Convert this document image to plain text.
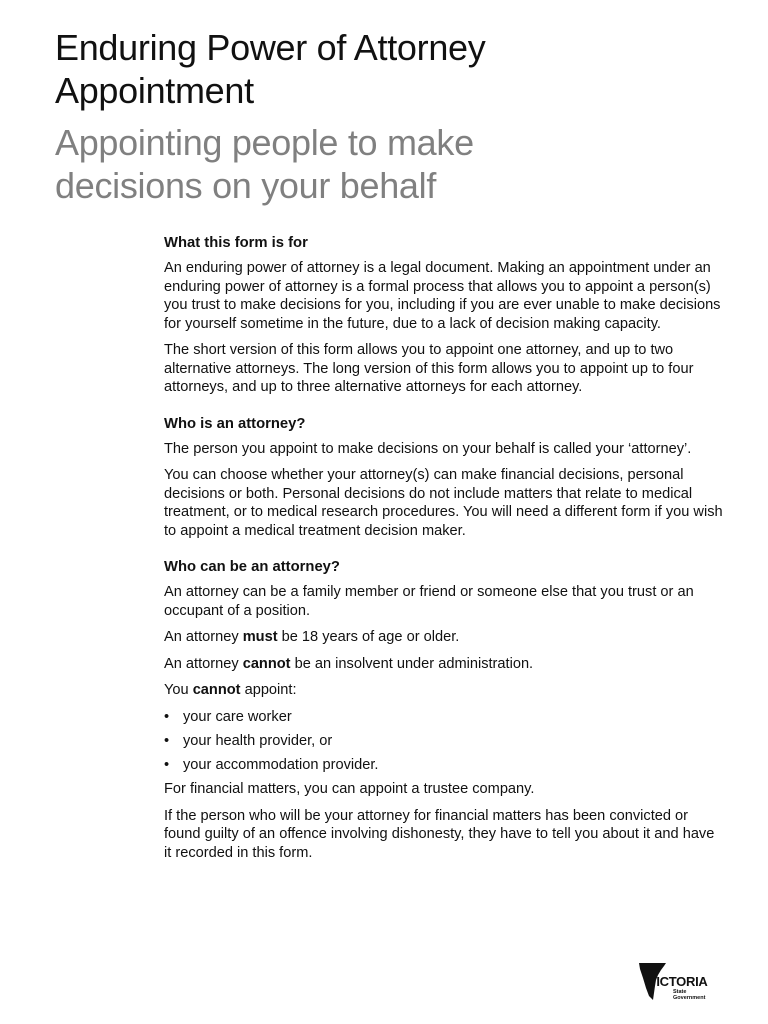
Enduring Power of Attorney
Appointment
Appointing people to make
decisions on your behalf
What this form is for

An enduring power of attorney is a legal document. Making an appointment under an enduring power of attorney is a formal process that allows you to appoint a person(s) you trust to make decisions for you, including if you are ever unable to make decisions for yourself sometime in the future, due to a lack of decision making capacity.

The short version of this form allows you to appoint one attorney, and up to two alternative attorneys. The long version of this form allows you to appoint up to four attorneys, and up to three alternative attorneys for each attorney.

Who is an attorney?

The person you appoint to make decisions on your behalf is called your ‘attorney’.

You can choose whether your attorney(s) can make financial decisions, personal decisions or both. Personal decisions do not include matters that relate to medical treatment, or to medical research procedures. You will need a different form if you wish to appoint a medical treatment decision maker.

Who can be an attorney?

An attorney can be a family member or friend or someone else that you trust or an occupant of a position.

An attorney must be 18 years of age or older.

An attorney cannot be an insolvent under administration.

You cannot appoint:

• your care worker
• your health provider, or
• your accommodation provider.

For financial matters, you can appoint a trustee company.

If the person who will be your attorney for financial matters has been convicted or found guilty of an offence involving dishonesty, they have to tell you about it and have it recorded in this form.

VICTORIA
State
Government
